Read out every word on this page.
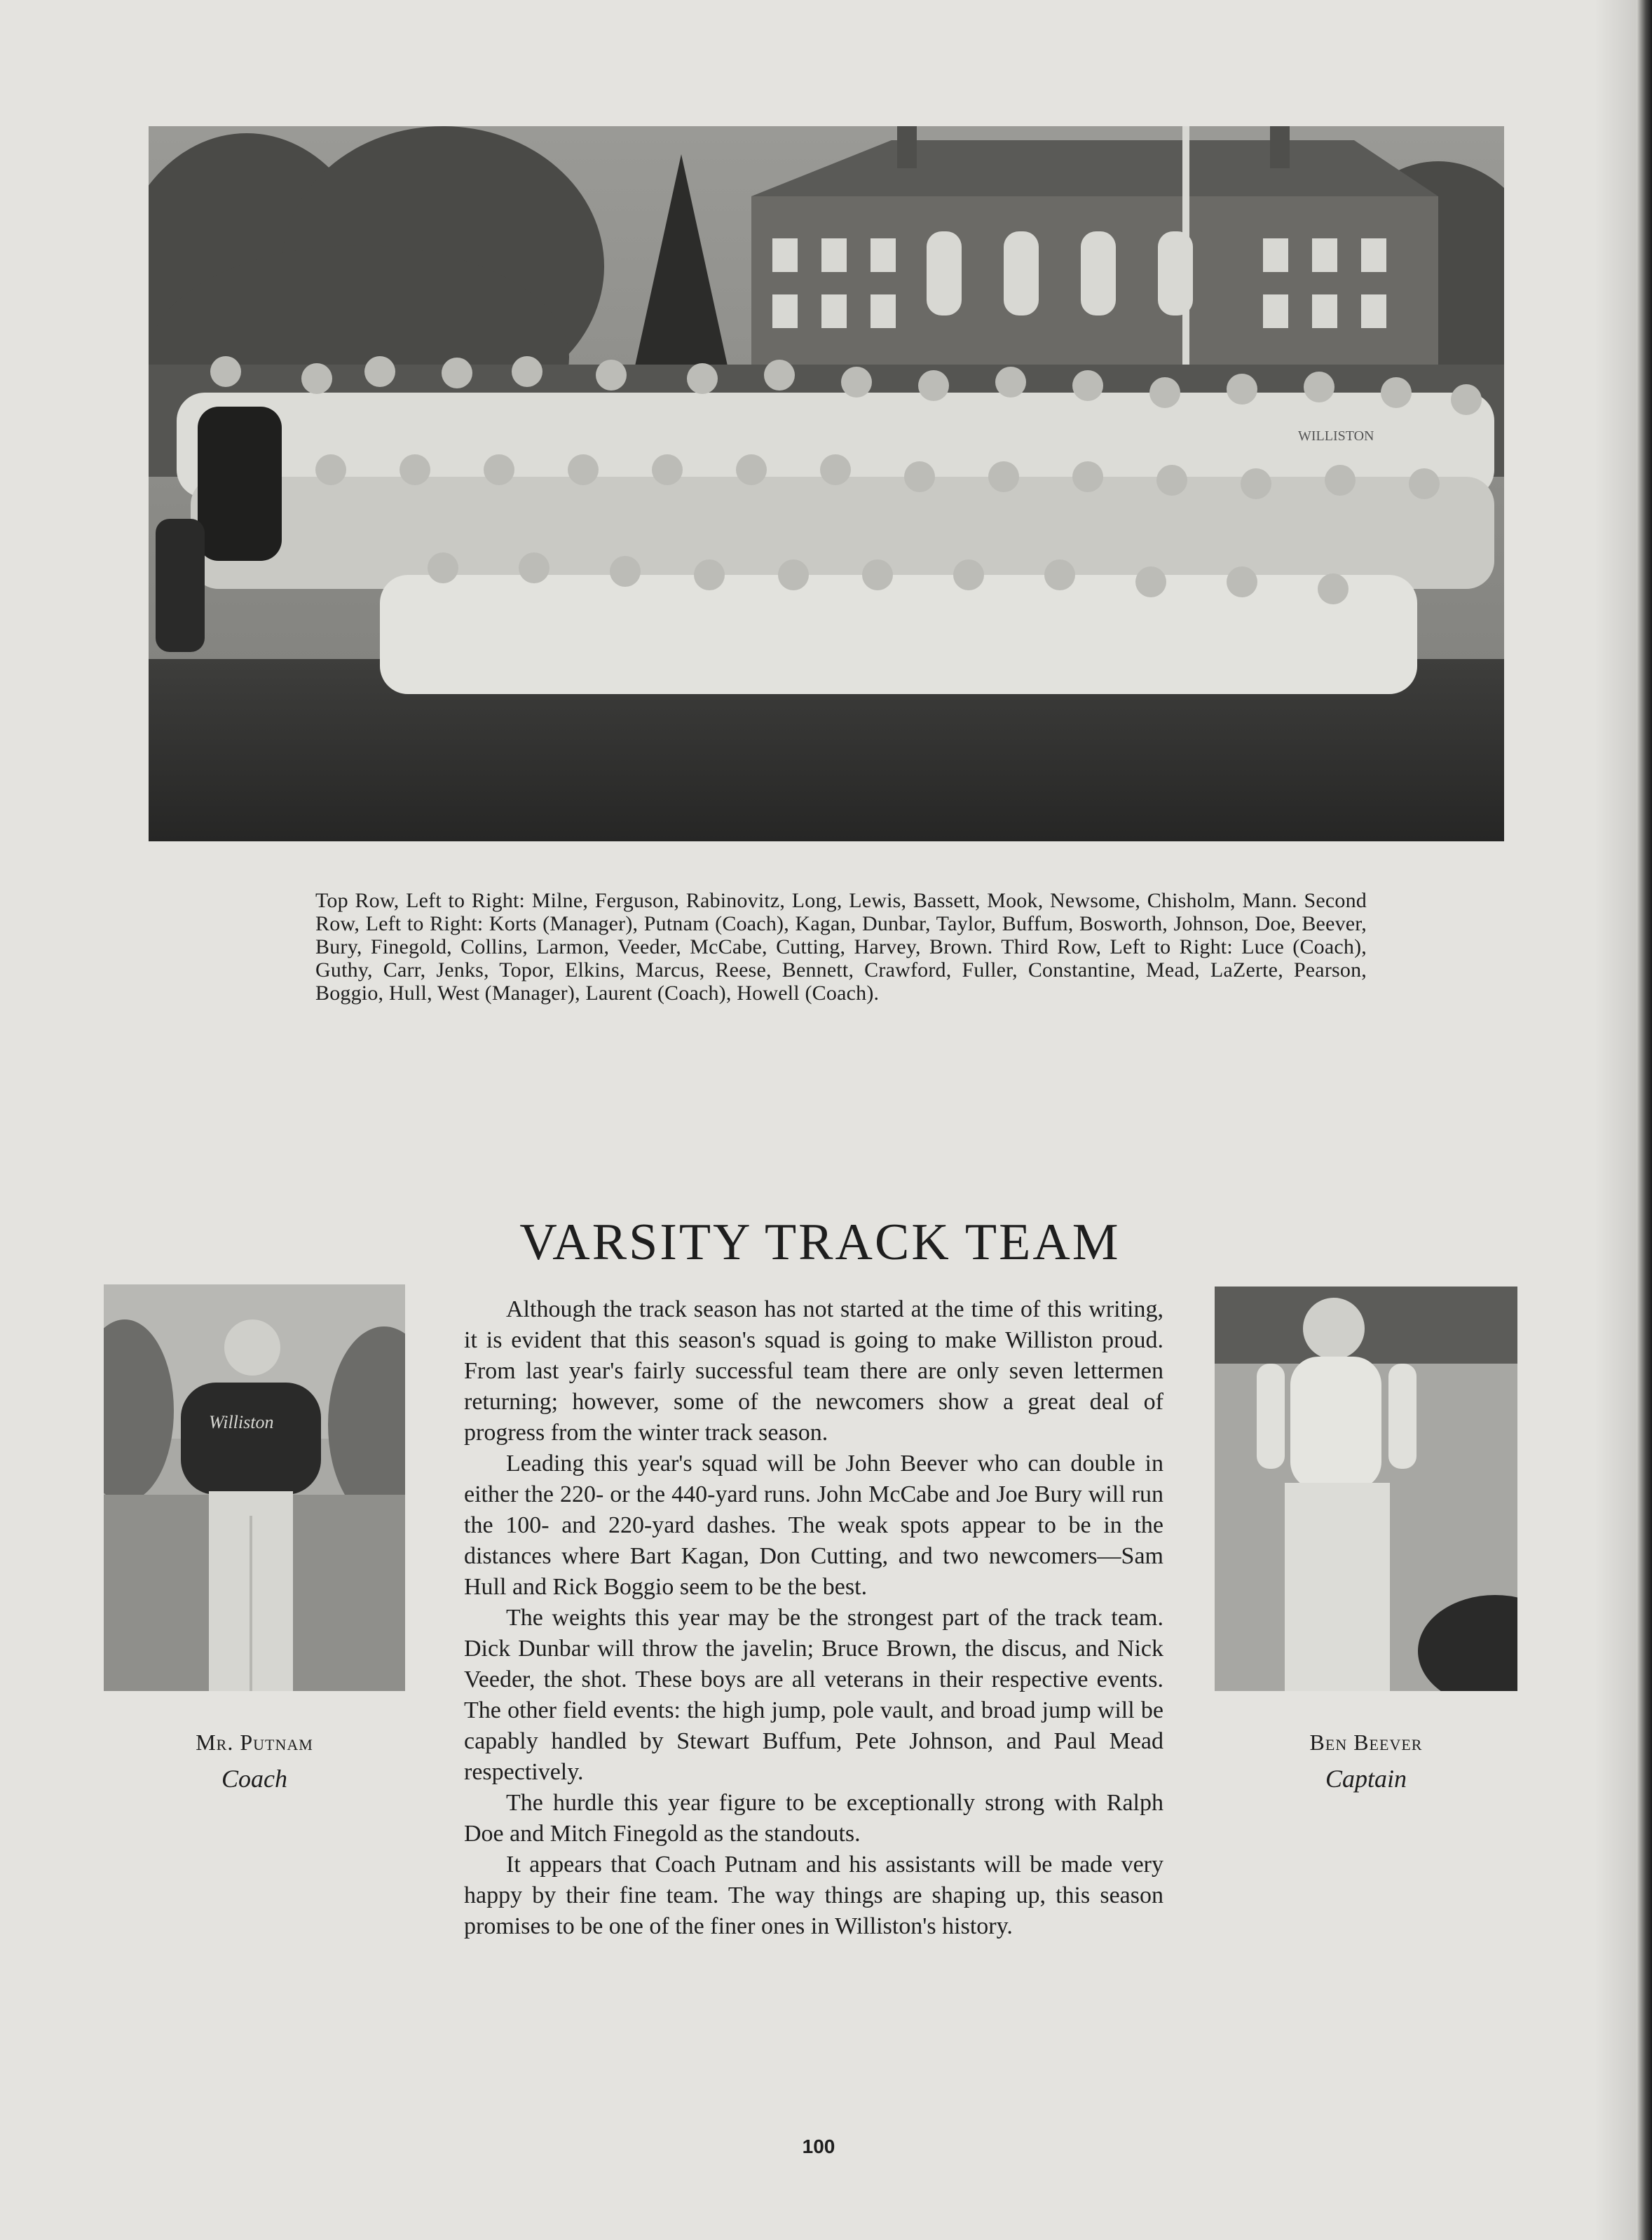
WILLISTON
Top Row, Left to Right: Milne, Ferguson, Rabinovitz, Long, Lewis, Bassett, Mook, Newsome, Chisholm, Mann. Second Row, Left to Right: Korts (Manager), Putnam (Coach), Kagan, Dunbar, Taylor, Buffum, Bosworth, Johnson, Doe, Beever, Bury, Finegold, Collins, Larmon, Veeder, McCabe, Cutting, Harvey, Brown. Third Row, Left to Right: Luce (Coach), Guthy, Carr, Jenks, Topor, Elkins, Marcus, Reese, Bennett, Crawford, Fuller, Constantine, Mead, LaZerte, Pearson, Boggio, Hull, West (Manager), Laurent (Coach), Howell (Coach).
VARSITY TRACK TEAM
Williston

Although the track season has not started at the time of this writing, it is evident that this season's squad is going to make Williston proud. From last year's fairly successful team there are only seven lettermen returning; however, some of the newcomers show a great deal of progress from the winter track season.

Leading this year's squad will be John Beever who can double in either the 220- or the 440-yard runs. John McCabe and Joe Bury will run the 100- and 220-yard dashes. The weak spots appear to be in the distances where Bart Kagan, Don Cutting, and two newcomers—Sam Hull and Rick Boggio seem to be the best.

The weights this year may be the strongest part of the track team. Dick Dunbar will throw the javelin; Bruce Brown, the discus, and Nick Veeder, the shot. These boys are all veterans in their respective events. The other field events: the high jump, pole vault, and broad jump will be capably handled by Stewart Buffum, Pete Johnson, and Paul Mead respectively.

The hurdle this year figure to be exceptionally strong with Ralph Doe and Mitch Finegold as the standouts.

It appears that Coach Putnam and his assistants will be made very happy by their fine team. The way things are shaping up, this season promises to be one of the finer ones in Williston's history.

Mr. Putnam
Coach
Ben Beever
Captain
100
